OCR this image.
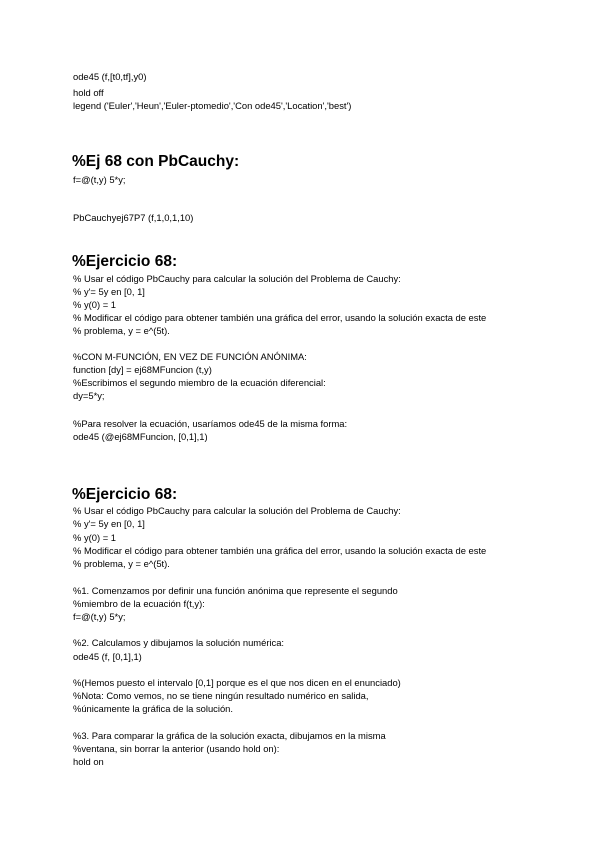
ode45 (f,[t0,tf],y0)
hold off
legend ('Euler','Heun','Euler-ptomedio','Con ode45','Location','best')
%Ej 68 con PbCauchy:
f=@(t,y) 5*y;
PbCauchyej67P7 (f,1,0,1,10)
%Ejercicio 68:
% Usar el código PbCauchy para calcular la solución del Problema de Cauchy:
% y'= 5y en [0, 1]
% y(0) = 1
% Modificar el código para obtener también una gráfica del error, usando la solución exacta de este
% problema, y = e^(5t).
%CON M-FUNCIÓN, EN VEZ DE FUNCIÓN ANÓNIMA:
function [dy] = ej68MFuncion (t,y)
%Escribimos el segundo miembro de la ecuación diferencial:
dy=5*y;
%Para resolver la ecuación, usaríamos ode45 de la misma forma:
ode45 (@ej68MFuncion, [0,1],1)
%Ejercicio 68:
% Usar el código PbCauchy para calcular la solución del Problema de Cauchy:
% y'= 5y en [0, 1]
% y(0) = 1
% Modificar el código para obtener también una gráfica del error, usando la solución exacta de este
% problema, y = e^(5t).
%1. Comenzamos por definir una función anónima que represente el segundo
%miembro de la ecuación f(t,y):
f=@(t,y) 5*y;
%2. Calculamos y dibujamos la solución numérica:
ode45 (f, [0,1],1)
%(Hemos puesto el intervalo [0,1] porque es el que nos dicen en el enunciado)
%Nota: Como vemos, no se tiene ningún resultado numérico en salida,
%únicamente la gráfica de la solución.
%3. Para comparar la gráfica de la solución exacta, dibujamos en la misma
%ventana, sin borrar la anterior (usando hold on):
hold on
